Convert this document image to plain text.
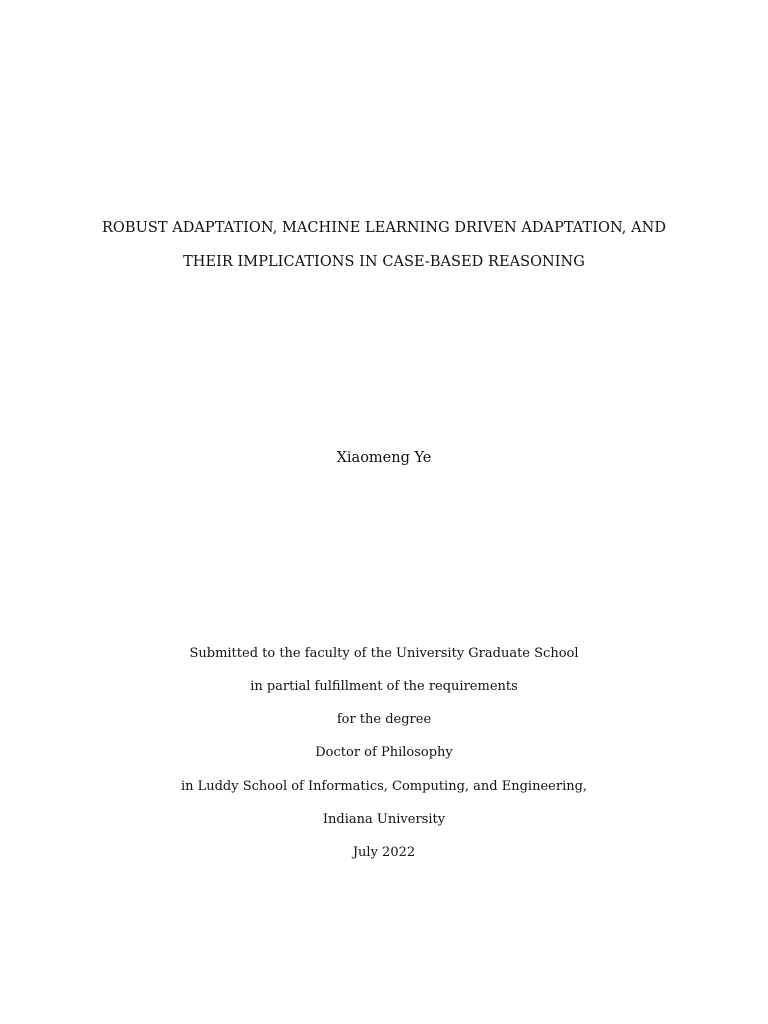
ROBUST ADAPTATION, MACHINE LEARNING DRIVEN ADAPTATION, AND
THEIR IMPLICATIONS IN CASE-BASED REASONING
Xiaomeng Ye
Submitted to the faculty of the University Graduate School
in partial fulfillment of the requirements
for the degree
Doctor of Philosophy
in Luddy School of Informatics, Computing, and Engineering,
Indiana University
July 2022
